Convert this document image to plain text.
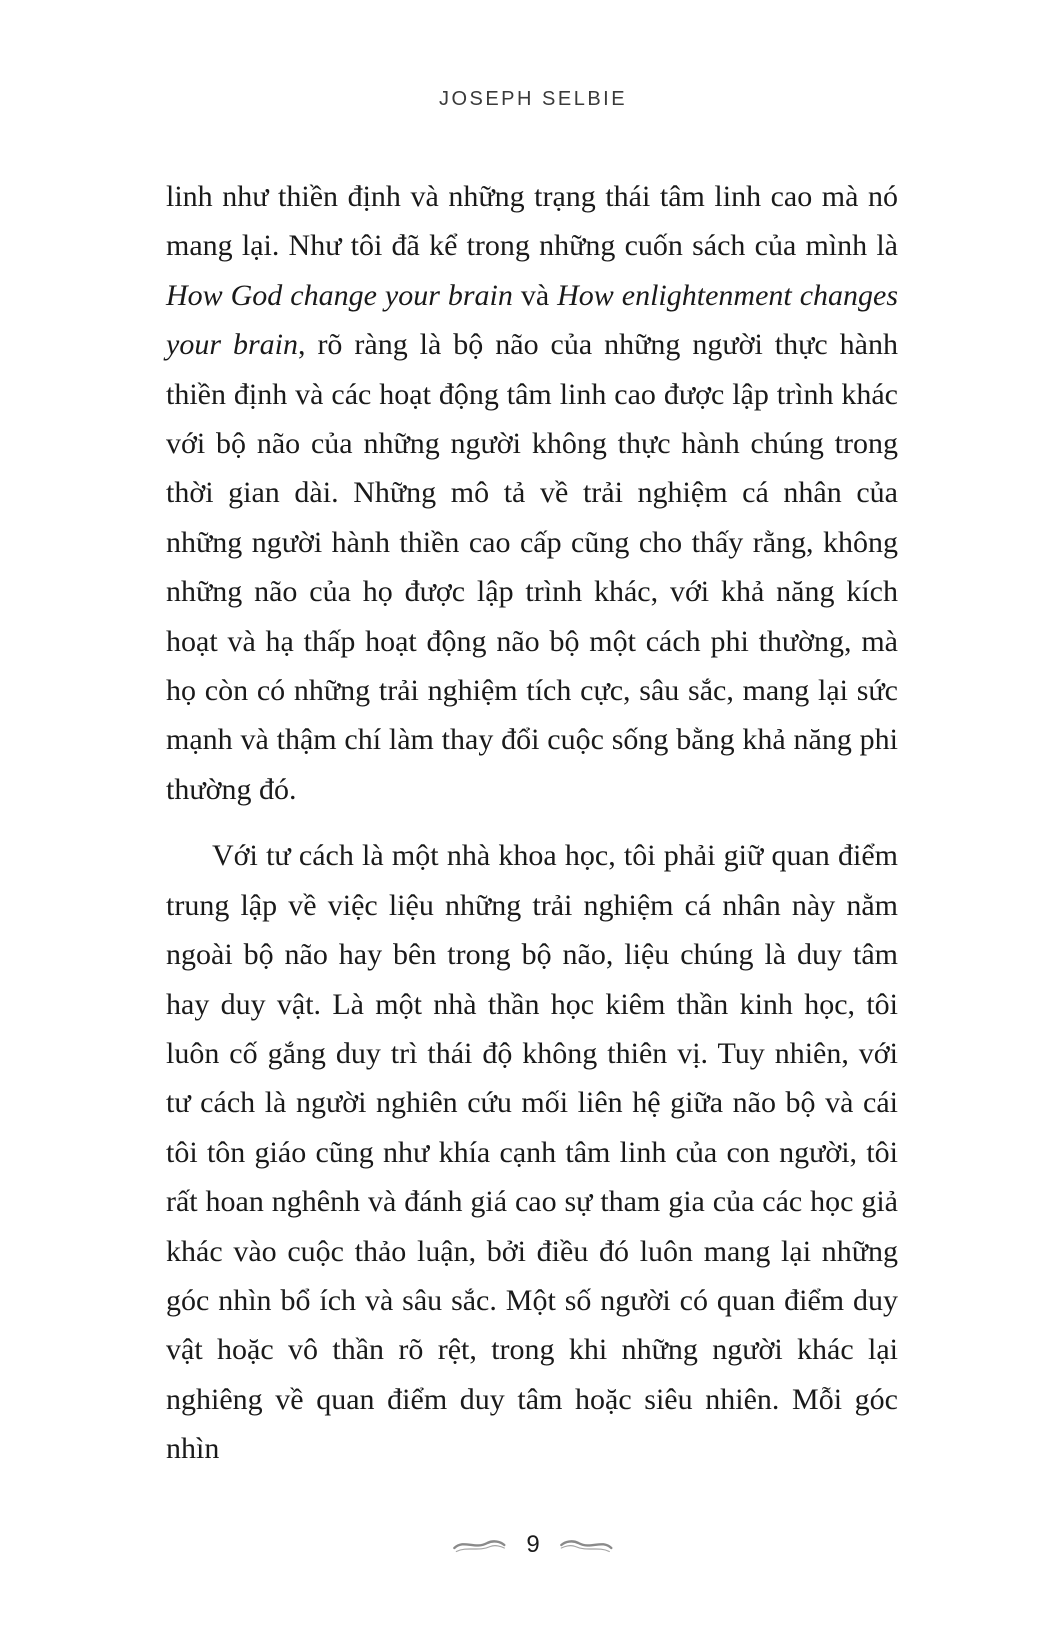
JOSEPH SELBIE

linh như thiền định và những trạng thái tâm linh cao mà nó mang lại. Như tôi đã kể trong những cuốn sách của mình là How God change your brain và How enlightenment changes your brain, rõ ràng là bộ não của những người thực hành thiền định và các hoạt động tâm linh cao được lập trình khác với bộ não của những người không thực hành chúng trong thời gian dài. Những mô tả về trải nghiệm cá nhân của những người hành thiền cao cấp cũng cho thấy rằng, không những não của họ được lập trình khác, với khả năng kích hoạt và hạ thấp hoạt động não bộ một cách phi thường, mà họ còn có những trải nghiệm tích cực, sâu sắc, mang lại sức mạnh và thậm chí làm thay đổi cuộc sống bằng khả năng phi thường đó.

Với tư cách là một nhà khoa học, tôi phải giữ quan điểm trung lập về việc liệu những trải nghiệm cá nhân này nằm ngoài bộ não hay bên trong bộ não, liệu chúng là duy tâm hay duy vật. Là một nhà thần học kiêm thần kinh học, tôi luôn cố gắng duy trì thái độ không thiên vị. Tuy nhiên, với tư cách là người nghiên cứu mối liên hệ giữa não bộ và cái tôi tôn giáo cũng như khía cạnh tâm linh của con người, tôi rất hoan nghênh và đánh giá cao sự tham gia của các học giả khác vào cuộc thảo luận, bởi điều đó luôn mang lại những góc nhìn bổ ích và sâu sắc. Một số người có quan điểm duy vật hoặc vô thần rõ rệt, trong khi những người khác lại nghiêng về quan điểm duy tâm hoặc siêu nhiên. Mỗi góc nhìn

9
